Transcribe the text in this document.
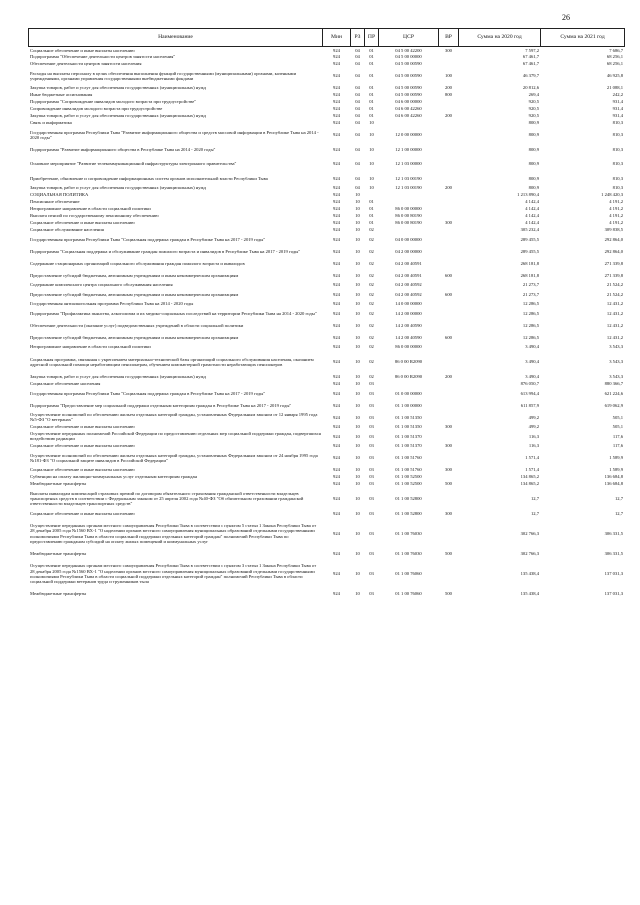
26
Наименование	Мин	РЗ	ПР	ЦСР	ВР	Сумма на 2020 год	Сумма на 2021 год
Социальное обеспечение и иные выплаты населению	924	04	01	04 5 00 42200	300	7 597,2	7 686,7
Подпрограмма "Обеспечение деятельности центров занятости населения"	924	04	01	04 5 00 00000		67 461,7	68 256,1
Обеспечение деятельности центров занятости населения	924	04	01	04 5 00 00590		67 461,7	68 256,1
Расходы на выплаты персоналу в целях обеспечения выполнения функций государственными (муниципальными) органами, казенными учреждениями, органами управления государственными внебюджетными фондами	924	04	01	04 5 00 00590	100	46 379,7	46 925,8
Закупка товаров, работ и услуг для обеспечения государственных (муниципальных) нужд	924	04	01	04 5 00 00590	200	20 812,6	21 088,1
Иные бюджетные ассигнования	924	04	01	04 5 00 00590	800	269,4	242,2
Подпрограмма "Сопровождение инвалидов молодого возраста при трудоустройстве"	924	04	01	04 6 00 00000		920,5	931,4
Сопровождение инвалидов молодого возраста при трудоустройстве	924	04	01	04 6 00 42260		920,5	931,4
Закупка товаров, работ и услуг для обеспечения государственных (муниципальных) нужд	924	04	01	04 6 00 42260	200	920,5	931,4
Связь и информатика	924	04	10			800,9	810,3
Государственная программа Республики Тыва "Развитие информационного общества и средств массовой информации в Республике Тыва на 2014 - 2020 годы"	924	04	10	12 0 00 00000		800,9	810,3
Подпрограмма "Развитие информационного общества в Республике Тыва на 2014 - 2020 годы"	924	04	10	12 1 00 00000		800,9	810,3
Основное мероприятие "Развитие телекоммуникационной инфраструктуры электронного правительства"	924	04	10	12 1 03 00000		800,9	810,3
Приобретение, обновление и сопровождение информационных систем органов исполнительной власти Республики Тыва	924	04	10	12 1 03 00190		800,9	810,3
Закупка товаров, работ и услуг для обеспечения государственных (муниципальных) нужд	924	04	10	12 1 03 00190	200	800,9	810,3
СОЦИАЛЬНАЯ ПОЛИТИКА	924	10				1 213 890,4	1 248 420,3
Пенсионное обеспечение	924	10	01			4 142,4	4 191,2
Непрограммное направление в области социальной политики	924	10	01	86 0 00 00000		4 142,4	4 191,2
Выплата пенсий по государственному пенсионному обеспечению	924	10	01	86 0 00 80190		4 142,4	4 191,2
Социальное обеспечение и иные выплаты населению	924	10	01	86 0 00 80190	300	4 142,4	4 191,2
Социальное обслуживание населения	924	10	02			305 232,4	309 838,5
Государственная программа Республики Тыва "Социальная поддержка граждан в Республике Тыва на 2017 - 2019 годы"	924	10	02	04 0 00 00000		289 455,5	292 864,0
Подпрограмма "Социальная поддержка и обслуживание граждан пожилого возраста и инвалидов в Республике Тыва на 2017 - 2019 годы"	924	10	02	04 2 00 00000		289 455,5	292 864,0
Содержание стационарных организаций социального обслуживания граждан пожилого возраста и инвалидов	924	10	02	04 2 00 40591		268 181,8	271 339,8
Предоставление субсидий бюджетным, автономным учреждениям и иным некоммерческим организациям	924	10	02	04 2 00 40591	600	268 181,8	271 339,8
Содержание комплексного центра социального обслуживания населения	924	10	02	04 2 00 40592		21 273,7	21 524,2
Предоставление субсидий бюджетным, автономным учреждениям и иным некоммерческим организациям	924	10	02	04 2 00 40592	600	21 273,7	21 524,2
Государственная антиалкогольная программа Республики Тыва на 2014 - 2020 годы	924	10	02	14 0 00 00000		12 286,5	12 431,2
Подпрограмма "Профилактика пьянства, алкоголизма и их медико-социальных последствий на территории Республики Тыва на 2014 - 2020 годы"	924	10	02	14 2 00 00000		12 286,5	12 431,2
Обеспечение деятельности (оказание услуг) подведомственных учреждений в области социальной политики	924	10	02	14 2 00 40590		12 286,5	12 431,2
Предоставление субсидий бюджетным, автономным учреждениям и иным некоммерческим организациям	924	10	02	14 2 00 40590	600	12 286,5	12 431,2
Непрограммное направление в области социальной политики	924	10	02	86 0 00 00000		3 490,4	3 543,3
Социальная программа, связанная с укреплением материально-технической базы организаций социального обслуживания населения, оказанием адресной социальной помощи неработающим пенсионерам, обучением компьютерной грамотности неработающих пенсионеров	924	10	02	86 0 00 R2090		3 490,4	3 543,3
Закупка товаров, работ и услуг для обеспечения государственных (муниципальных) нужд	924	10	02	86 0 00 R2090	200	3 490,4	3 543,3
Социальное обеспечение населения	924	10	03			876 050,7	880 366,7
Государственная программа Республики Тыва "Социальная поддержка граждан в Республике Тыва на 2017 - 2019 годы"	924	10	03	01 0 00 00000		613 994,4	621 224,6
Подпрограмма "Предоставление мер социальной поддержки отдельным категориям граждан в Республике Тыва на 2017 - 2019 годы"	924	10	03	01 1 00 00000		611 857,9	619 062,9
Осуществление полномочий по обеспечению жильем отдельных категорий граждан, установленных Федеральным законом от 12 января 1995 года №5-ФЗ "О ветеранах"	924	10	03	01 1 00 51350		499,2	505,1
Социальное обеспечение и иные выплаты населению	924	10	03	01 1 00 51350	300	499,2	505,1
Осуществление переданных полномочий Российской Федерации по предоставлению отдельных мер социальной поддержки граждан, подвергшихся воздействию радиации	924	10	03	01 1 00 51370		116,3	117,6
Социальное обеспечение и иные выплаты населению	924	10	03	01 1 00 51370	300	116,3	117,6
Осуществление полномочий по обеспечению жильем отдельных категорий граждан, установленных Федеральным законом от 24 ноября 1995 года №181-ФЗ "О социальной защите инвалидов в Российской Федерации"	924	10	03	01 1 00 51760		1 571,4	1 589,9
Социальное обеспечение и иные выплаты населению	924	10	03	01 1 00 51760	300	1 571,4	1 589,9
Субвенции на оплату жилищно-коммунальных услуг отдельным категориям граждан	924	10	03	01 1 00 52500		134 865,2	136 684,8
Межбюджетные трансферты	924	10	03	01 1 00 52500	500	134 865,2	136 684,8
Выплаты инвалидам компенсаций страховых премий по договорам обязательного страхования гражданской ответственности владельцев транспортных средств в соответствии с Федеральным законом от 25 апреля 2002 года №40-ФЗ "Об обязательном страховании гражданской ответственности владельцев транспортных средств"	924	10	03	01 1 00 52800		12,7	12,7
Социальное обеспечение и иные выплаты населению	924	10	03	01 1 00 52800	300	12,7	12,7
Осуществление переданных органам местного самоуправления Республики Тыва в соответствии с пунктом 5 статьи 1 Закона Республики Тыва от 28 декабря 2005 года №1560 ВХ-1 "О наделении органов местного самоуправления муниципальных образований отдельными государственными полномочиями Республики Тыва в области социальной поддержки отдельных категорий граждан" полномочий Республики Тыва по предоставлению гражданам субсидий на оплату жилых помещений и коммунальных услуг	924	10	03	01 1 00 76030		302 766,3	306 331,5
Межбюджетные трансферты	924	10	03	01 1 00 76030	500	302 766,3	306 331,5
Осуществление переданных органам местного самоуправления Республики Тыва в соответствии с пунктом 3 статьи 1 Закона Республики Тыва от 28 декабря 2005 года №1560 ВХ-1 "О наделении органов местного самоуправления муниципальных образований отдельными государственными полномочиями Республики Тыва в области социальной поддержки отдельных категорий граждан" полномочий Республики Тыва в области социальной поддержки ветеранов труда и труженников тыла	924	10	03	01 1 00 76060		135 438,4	137 031,3
Межбюджетные трансферты	924	10	03	01 1 00 76060	500	135 438,4	137 031,3
